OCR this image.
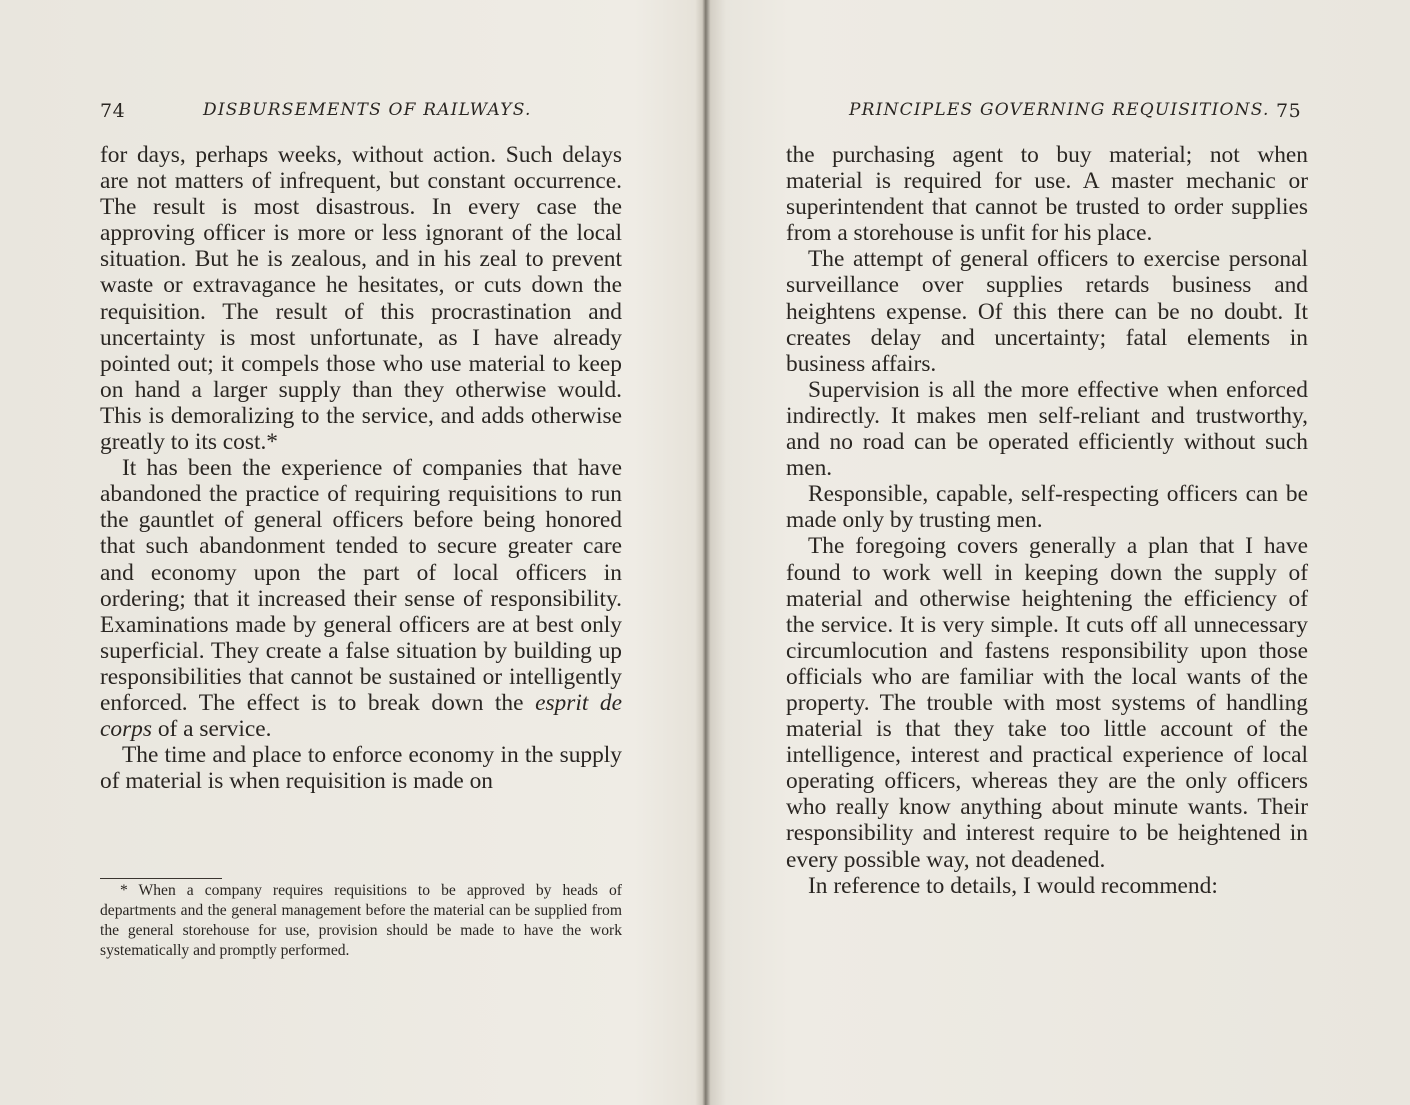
74	DISBURSEMENTS OF RAILWAYS.

for days, perhaps weeks, without action. Such delays are not matters of infrequent, but constant occurrence. The result is most disastrous. In every case the approving officer is more or less ignorant of the local situation. But he is zealous, and in his zeal to prevent waste or extravagance he hesitates, or cuts down the requisition. The result of this procrastination and uncertainty is most unfortunate, as I have already pointed out; it compels those who use material to keep on hand a larger supply than they otherwise would. This is demoralizing to the service, and adds otherwise greatly to its cost.*

It has been the experience of companies that have abandoned the practice of requiring requisitions to run the gauntlet of general officers before being honored that such abandonment tended to secure greater care and economy upon the part of local officers in ordering; that it increased their sense of responsibility. Examinations made by general officers are at best only superficial. They create a false situation by building up responsibilities that cannot be sustained or intelligently enforced. The effect is to break down the esprit de corps of a service.

The time and place to enforce economy in the supply of material is when requisition is made on

* When a company requires requisitions to be approved by heads of departments and the general management before the material can be supplied from the general storehouse for use, provision should be made to have the work systematically and promptly performed.

PRINCIPLES GOVERNING REQUISITIONS. 75

the purchasing agent to buy material; not when material is required for use. A master mechanic or superintendent that cannot be trusted to order supplies from a storehouse is unfit for his place.

The attempt of general officers to exercise personal surveillance over supplies retards business and heightens expense. Of this there can be no doubt. It creates delay and uncertainty; fatal elements in business affairs.

Supervision is all the more effective when enforced indirectly. It makes men self-reliant and trustworthy, and no road can be operated efficiently without such men.

Responsible, capable, self-respecting officers can be made only by trusting men.

The foregoing covers generally a plan that I have found to work well in keeping down the supply of material and otherwise heightening the efficiency of the service. It is very simple. It cuts off all unnecessary circumlocution and fastens responsibility upon those officials who are familiar with the local wants of the property. The trouble with most systems of handling material is that they take too little account of the intelligence, interest and practical experience of local operating officers, whereas they are the only officers who really know anything about minute wants. Their responsibility and interest require to be heightened in every possible way, not deadened.

In reference to details, I would recommend:
